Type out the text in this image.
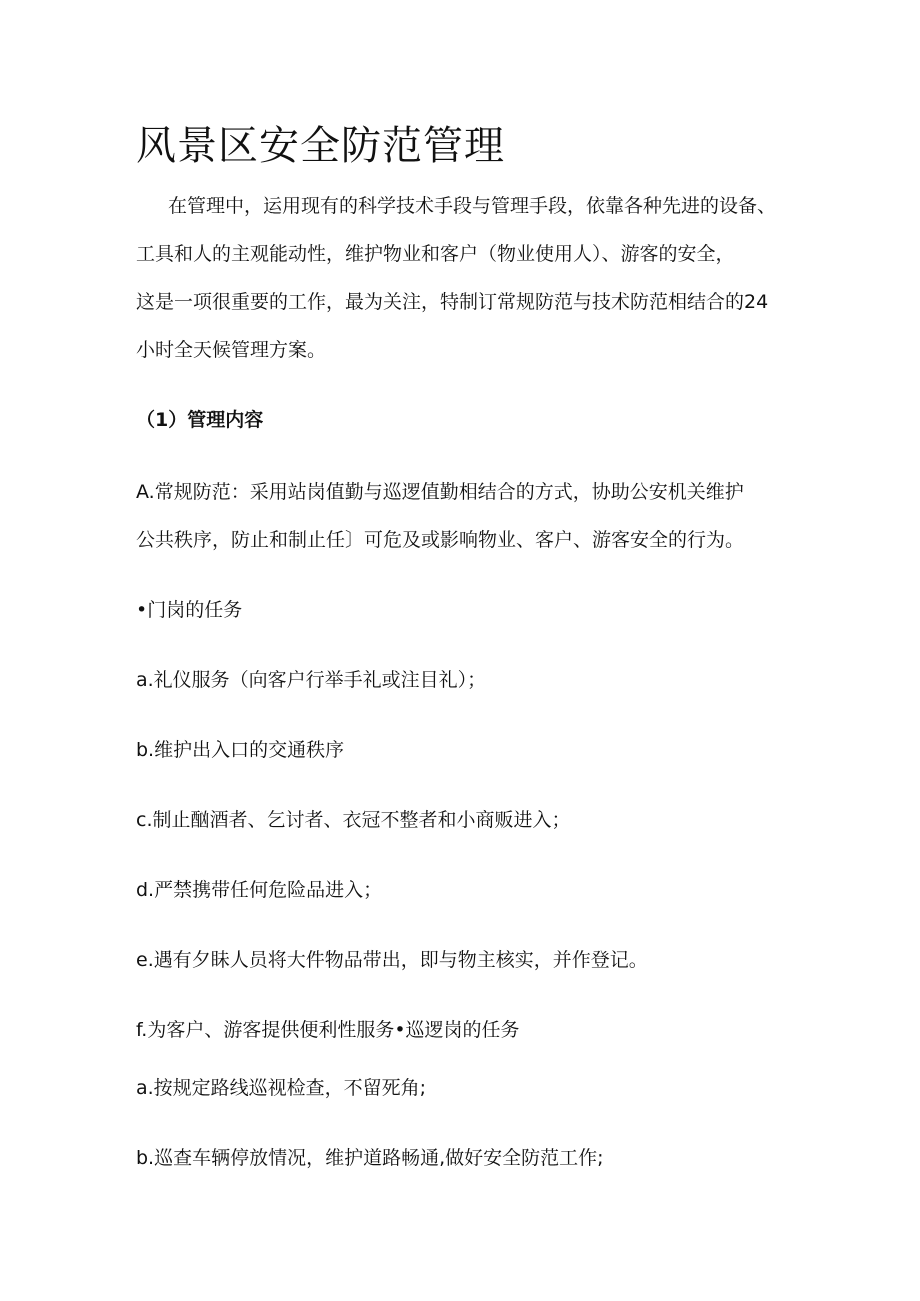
风景区安全防范管理

在管理中，运用现有的科学技术手段与管理手段，依靠各种先进的设备、
工具和人的主观能动性，维护物业和客户（物业使用人）、游客的安全，
这是一项很重要的工作，最为关注，特制订常规防范与技术防范相结合的24
小时全天候管理方案。

（1）管理内容
A.常规防范：采用站岗值勤与巡逻值勤相结合的方式，协助公安机关维护
公共秩序，防止和制止任〕可危及或影响物业、客户、游客安全的行为。
•门岗的任务
a.礼仪服务（向客户行举手礼或注目礼）；
b.维护出入口的交通秩序
c.制止酗酒者、乞讨者、衣冠不整者和小商贩进入；
d.严禁携带任何危险品进入；
e.遇有夕眛人员将大件物品带出，即与物主核实，并作登记。
f.为客户、游客提供便利性服务•巡逻岗的任务
a.按规定路线巡视检查，不留死角;
b.巡查车辆停放情况，维护道路畅通,做好安全防范工作;
